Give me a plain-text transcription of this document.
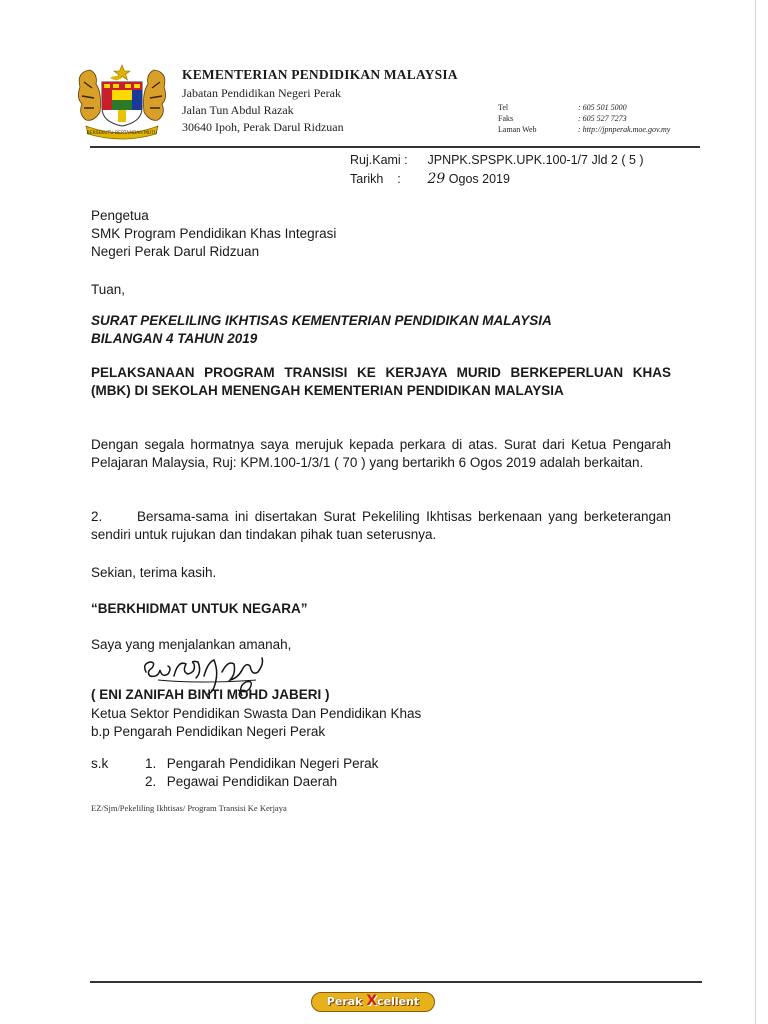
BERSEKUTU BERTAMBAH MUTU
KEMENTERIAN PENDIDIKAN MALAYSIA
Jabatan Pendidikan Negeri Perak
Jalan Tun Abdul Razak
30640 Ipoh, Perak Darul Ridzuan
Tel	: 605 501 5000
Faks	: 605 527 7273
Laman Web	: http://jpnperak.moe.gov.my
Ruj.Kami : JPNPK.SPSPK.UPK.100-1/7 Jld 2 ( 5 )
Tarikh : 29 Ogos 2019
Pengetua
SMK Program Pendidikan Khas Integrasi
Negeri Perak Darul Ridzuan
Tuan,
SURAT PEKELILING IKHTISAS KEMENTERIAN PENDIDIKAN MALAYSIA
BILANGAN 4 TAHUN 2019
PELAKSANAAN PROGRAM TRANSISI KE KERJAYA MURID BERKEPERLUAN KHAS (MBK) DI SEKOLAH MENENGAH KEMENTERIAN PENDIDIKAN MALAYSIA
Dengan segala hormatnya saya merujuk kepada perkara di atas. Surat dari Ketua Pengarah Pelajaran Malaysia, Ruj: KPM.100-1/3/1 ( 70 ) yang bertarikh 6 Ogos 2019 adalah berkaitan.
2.	Bersama-sama ini disertakan Surat Pekeliling Ikhtisas berkenaan yang berketerangan sendiri untuk rujukan dan tindakan pihak tuan seterusnya.
Sekian, terima kasih.
“BERKHIDMAT UNTUK NEGARA”
Saya yang menjalankan amanah,
( ENI ZANIFAH BINTI MOHD JABERI )
Ketua Sektor Pendidikan Swasta Dan Pendidikan Khas
b.p Pengarah Pendidikan Negeri Perak
s.k	1. Pengarah Pendidikan Negeri Perak
2. Pegawai Pendidikan Daerah
EZ/Sjm/Pekeliling Ikhtisas/ Program Transisi Ke Kerjaya
Perak Xcellent
